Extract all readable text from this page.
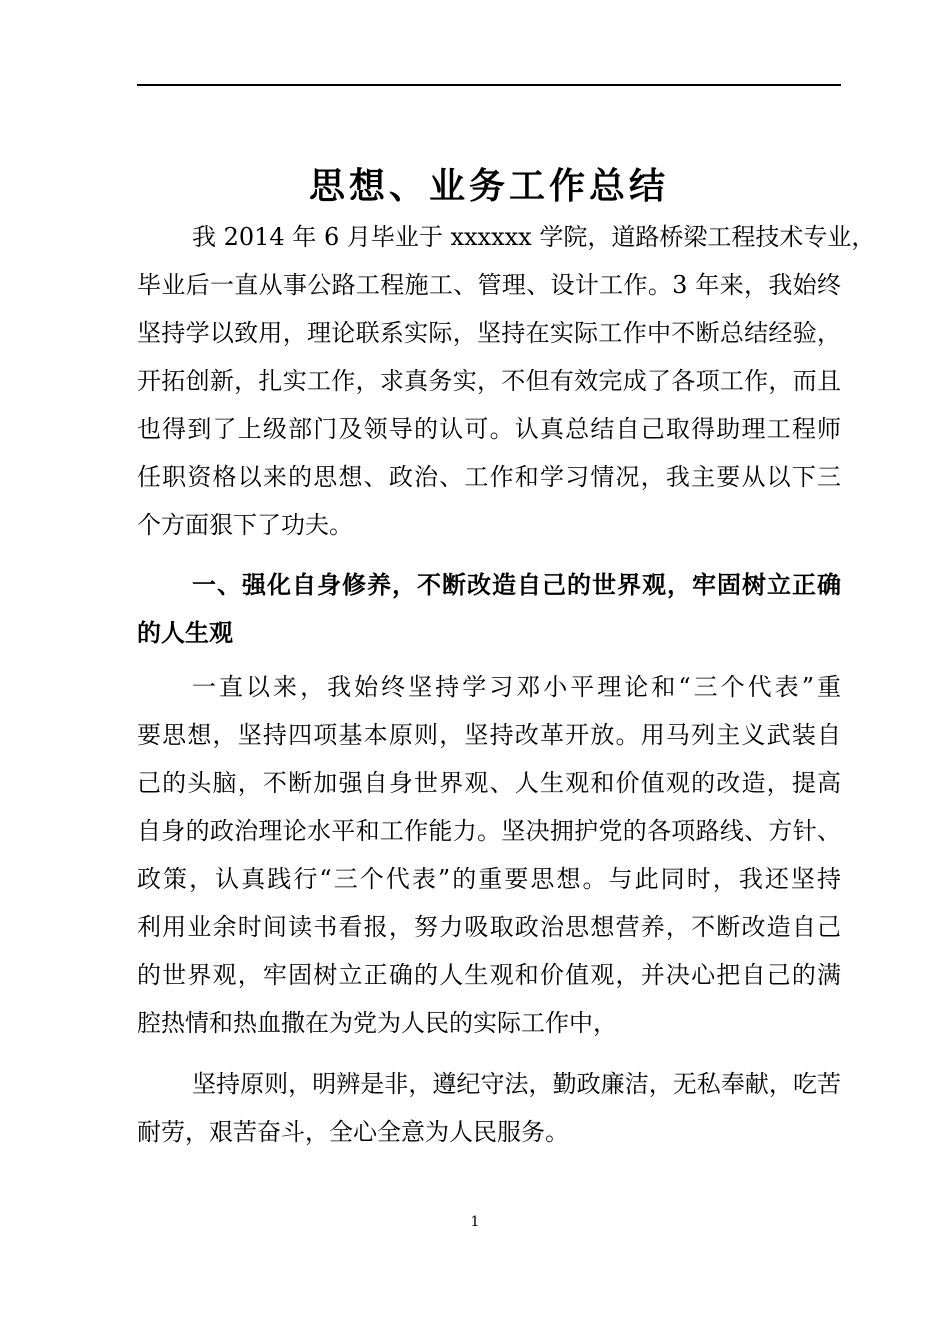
思想、业务工作总结

我 2014 年 6 月毕业于 xxxxxx 学院，道路桥梁工程技术专业，

毕业后一直从事公路工程施工、管理、设计工作。3 年来，我始终

坚持学以致用，理论联系实际，坚持在实际工作中不断总结经验，

开拓创新，扎实工作，求真务实，不但有效完成了各项工作，而且

也得到了上级部门及领导的认可。认真总结自己取得助理工程师

任职资格以来的思想、政治、工作和学习情况，我主要从以下三

个方面狠下了功夫。

一、强化自身修养，不断改造自己的世界观，牢固树立正确

的人生观

一直以来，我始终坚持学习邓小平理论和“三个代表”重

要思想，坚持四项基本原则，坚持改革开放。用马列主义武装自

己的头脑，不断加强自身世界观、人生观和价值观的改造，提高

自身的政治理论水平和工作能力。坚决拥护党的各项路线、方针、

政策，认真践行“三个代表”的重要思想。与此同时，我还坚持

利用业余时间读书看报，努力吸取政治思想营养，不断改造自己

的世界观，牢固树立正确的人生观和价值观，并决心把自己的满

腔热情和热血撒在为党为人民的实际工作中，

坚持原则，明辨是非，遵纪守法，勤政廉洁，无私奉献，吃苦

耐劳，艰苦奋斗，全心全意为人民服务。

1
